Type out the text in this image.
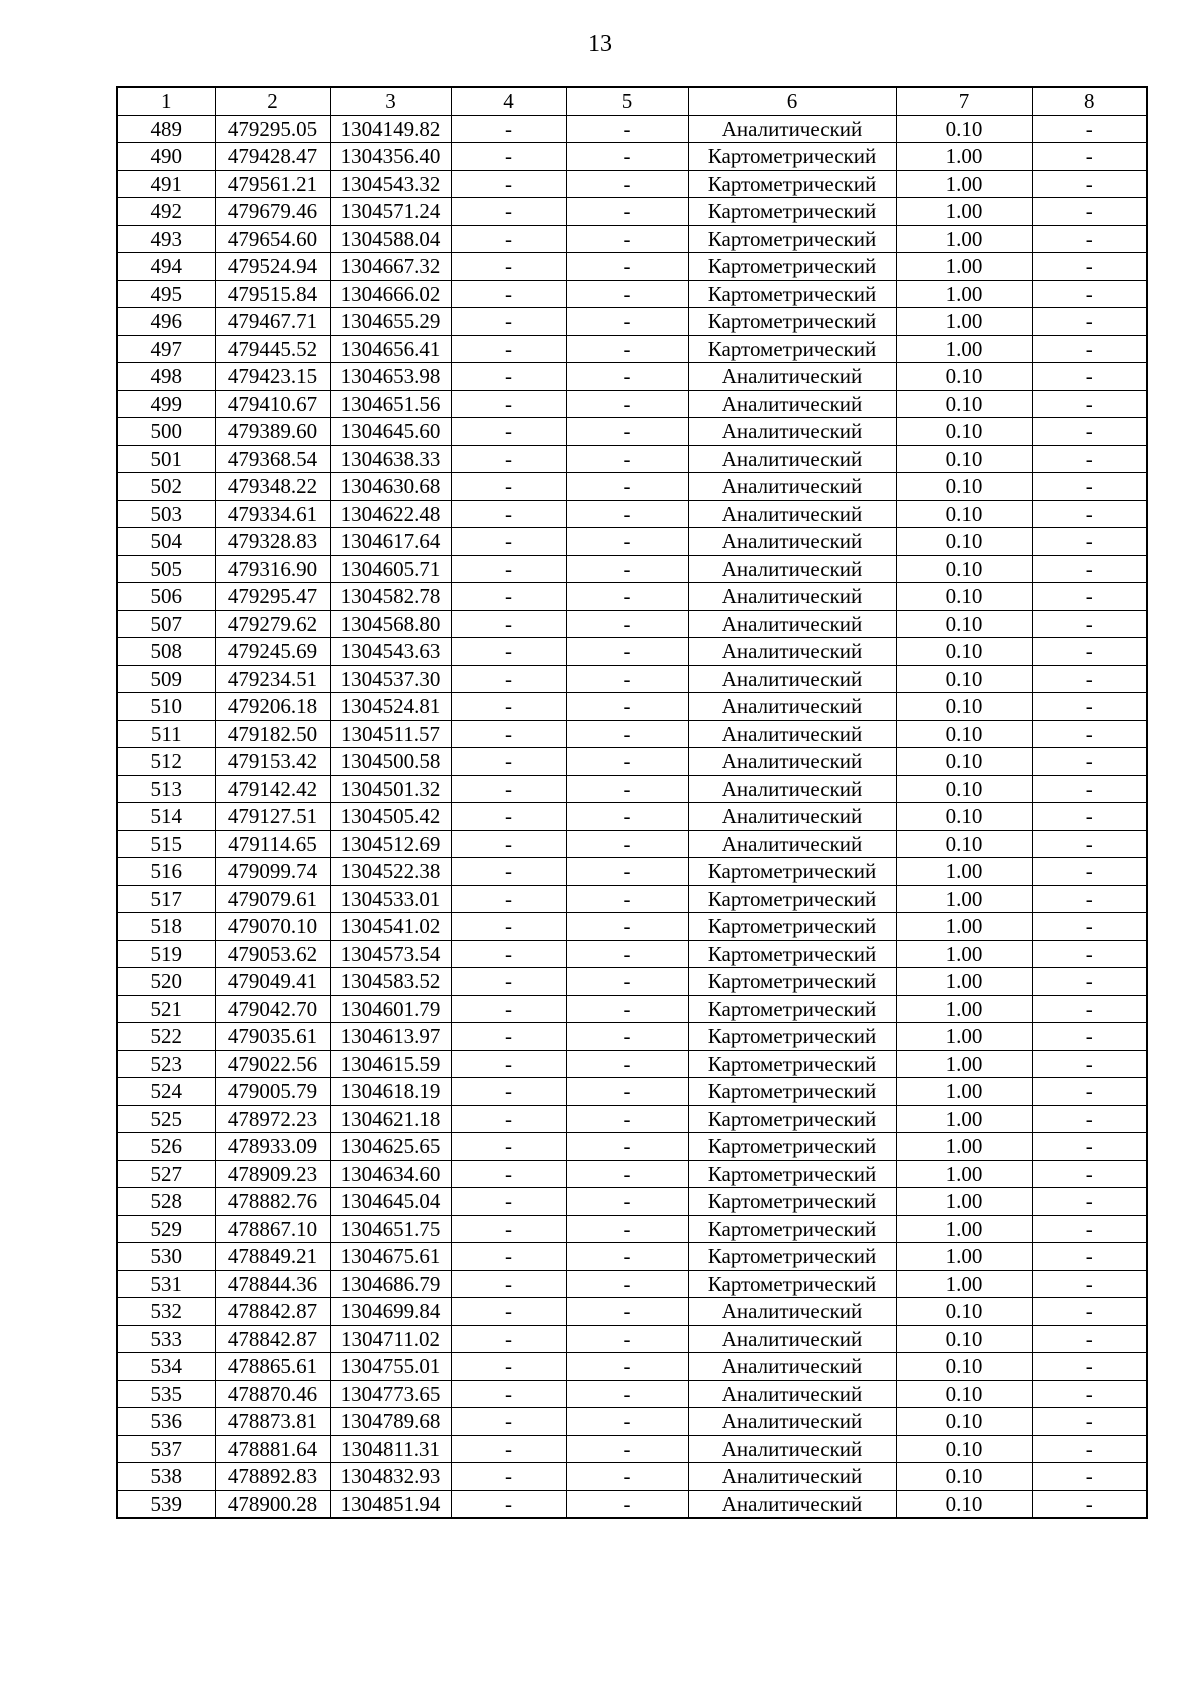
13
1	2	3	4	5	6	7	8
489	479295.05	1304149.82	-	-	Аналитический	0.10	-
490	479428.47	1304356.40	-	-	Картометрический	1.00	-
491	479561.21	1304543.32	-	-	Картометрический	1.00	-
492	479679.46	1304571.24	-	-	Картометрический	1.00	-
493	479654.60	1304588.04	-	-	Картометрический	1.00	-
494	479524.94	1304667.32	-	-	Картометрический	1.00	-
495	479515.84	1304666.02	-	-	Картометрический	1.00	-
496	479467.71	1304655.29	-	-	Картометрический	1.00	-
497	479445.52	1304656.41	-	-	Картометрический	1.00	-
498	479423.15	1304653.98	-	-	Аналитический	0.10	-
499	479410.67	1304651.56	-	-	Аналитический	0.10	-
500	479389.60	1304645.60	-	-	Аналитический	0.10	-
501	479368.54	1304638.33	-	-	Аналитический	0.10	-
502	479348.22	1304630.68	-	-	Аналитический	0.10	-
503	479334.61	1304622.48	-	-	Аналитический	0.10	-
504	479328.83	1304617.64	-	-	Аналитический	0.10	-
505	479316.90	1304605.71	-	-	Аналитический	0.10	-
506	479295.47	1304582.78	-	-	Аналитический	0.10	-
507	479279.62	1304568.80	-	-	Аналитический	0.10	-
508	479245.69	1304543.63	-	-	Аналитический	0.10	-
509	479234.51	1304537.30	-	-	Аналитический	0.10	-
510	479206.18	1304524.81	-	-	Аналитический	0.10	-
511	479182.50	1304511.57	-	-	Аналитический	0.10	-
512	479153.42	1304500.58	-	-	Аналитический	0.10	-
513	479142.42	1304501.32	-	-	Аналитический	0.10	-
514	479127.51	1304505.42	-	-	Аналитический	0.10	-
515	479114.65	1304512.69	-	-	Аналитический	0.10	-
516	479099.74	1304522.38	-	-	Картометрический	1.00	-
517	479079.61	1304533.01	-	-	Картометрический	1.00	-
518	479070.10	1304541.02	-	-	Картометрический	1.00	-
519	479053.62	1304573.54	-	-	Картометрический	1.00	-
520	479049.41	1304583.52	-	-	Картометрический	1.00	-
521	479042.70	1304601.79	-	-	Картометрический	1.00	-
522	479035.61	1304613.97	-	-	Картометрический	1.00	-
523	479022.56	1304615.59	-	-	Картометрический	1.00	-
524	479005.79	1304618.19	-	-	Картометрический	1.00	-
525	478972.23	1304621.18	-	-	Картометрический	1.00	-
526	478933.09	1304625.65	-	-	Картометрический	1.00	-
527	478909.23	1304634.60	-	-	Картометрический	1.00	-
528	478882.76	1304645.04	-	-	Картометрический	1.00	-
529	478867.10	1304651.75	-	-	Картометрический	1.00	-
530	478849.21	1304675.61	-	-	Картометрический	1.00	-
531	478844.36	1304686.79	-	-	Картометрический	1.00	-
532	478842.87	1304699.84	-	-	Аналитический	0.10	-
533	478842.87	1304711.02	-	-	Аналитический	0.10	-
534	478865.61	1304755.01	-	-	Аналитический	0.10	-
535	478870.46	1304773.65	-	-	Аналитический	0.10	-
536	478873.81	1304789.68	-	-	Аналитический	0.10	-
537	478881.64	1304811.31	-	-	Аналитический	0.10	-
538	478892.83	1304832.93	-	-	Аналитический	0.10	-
539	478900.28	1304851.94	-	-	Аналитический	0.10	-
